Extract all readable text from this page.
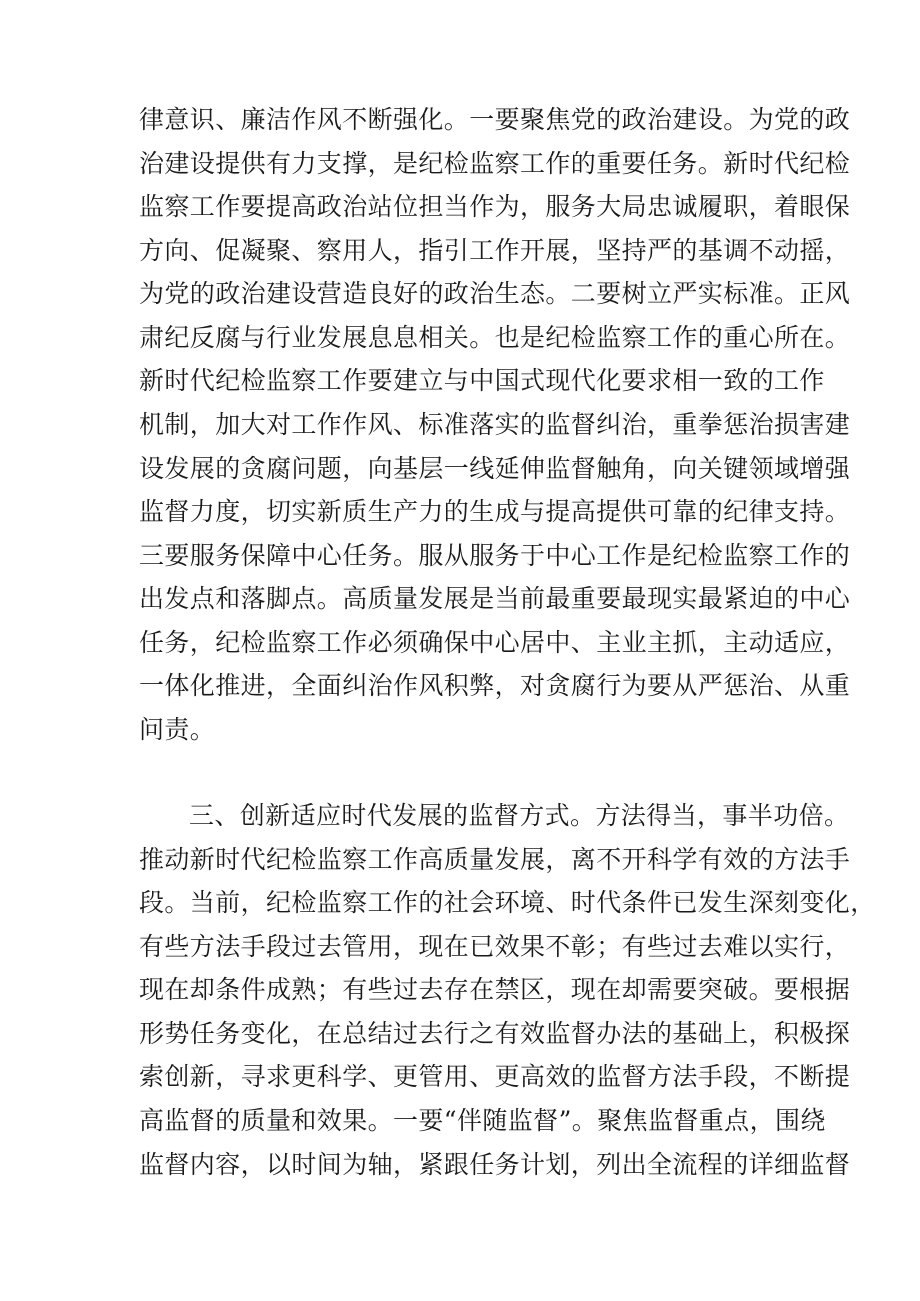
律意识、廉洁作风不断强化。一要聚焦党的政治建设。为党的政
治建设提供有力支撑，是纪检监察工作的重要任务。新时代纪检
监察工作要提高政治站位担当作为，服务大局忠诚履职，着眼保
方向、促凝聚、察用人，指引工作开展，坚持严的基调不动摇，
为党的政治建设营造良好的政治生态。二要树立严实标准。正风
肃纪反腐与行业发展息息相关。也是纪检监察工作的重心所在。
新时代纪检监察工作要建立与中国式现代化要求相一致的工作
机制，加大对工作作风、标准落实的监督纠治，重拳惩治损害建
设发展的贪腐问题，向基层一线延伸监督触角，向关键领域增强
监督力度，切实新质生产力的生成与提高提供可靠的纪律支持。
三要服务保障中心任务。服从服务于中心工作是纪检监察工作的
出发点和落脚点。高质量发展是当前最重要最现实最紧迫的中心
任务，纪检监察工作必须确保中心居中、主业主抓，主动适应，
一体化推进，全面纠治作风积弊，对贪腐行为要从严惩治、从重
问责。
三、创新适应时代发展的监督方式。方法得当，事半功倍。
推动新时代纪检监察工作高质量发展，离不开科学有效的方法手
段。当前，纪检监察工作的社会环境、时代条件已发生深刻变化，
有些方法手段过去管用，现在已效果不彰；有些过去难以实行，
现在却条件成熟；有些过去存在禁区，现在却需要突破。要根据
形势任务变化，在总结过去行之有效监督办法的基础上，积极探
索创新，寻求更科学、更管用、更高效的监督方法手段，不断提
高监督的质量和效果。一要“伴随监督”。聚焦监督重点，围绕
监督内容，以时间为轴，紧跟任务计划，列出全流程的详细监督
